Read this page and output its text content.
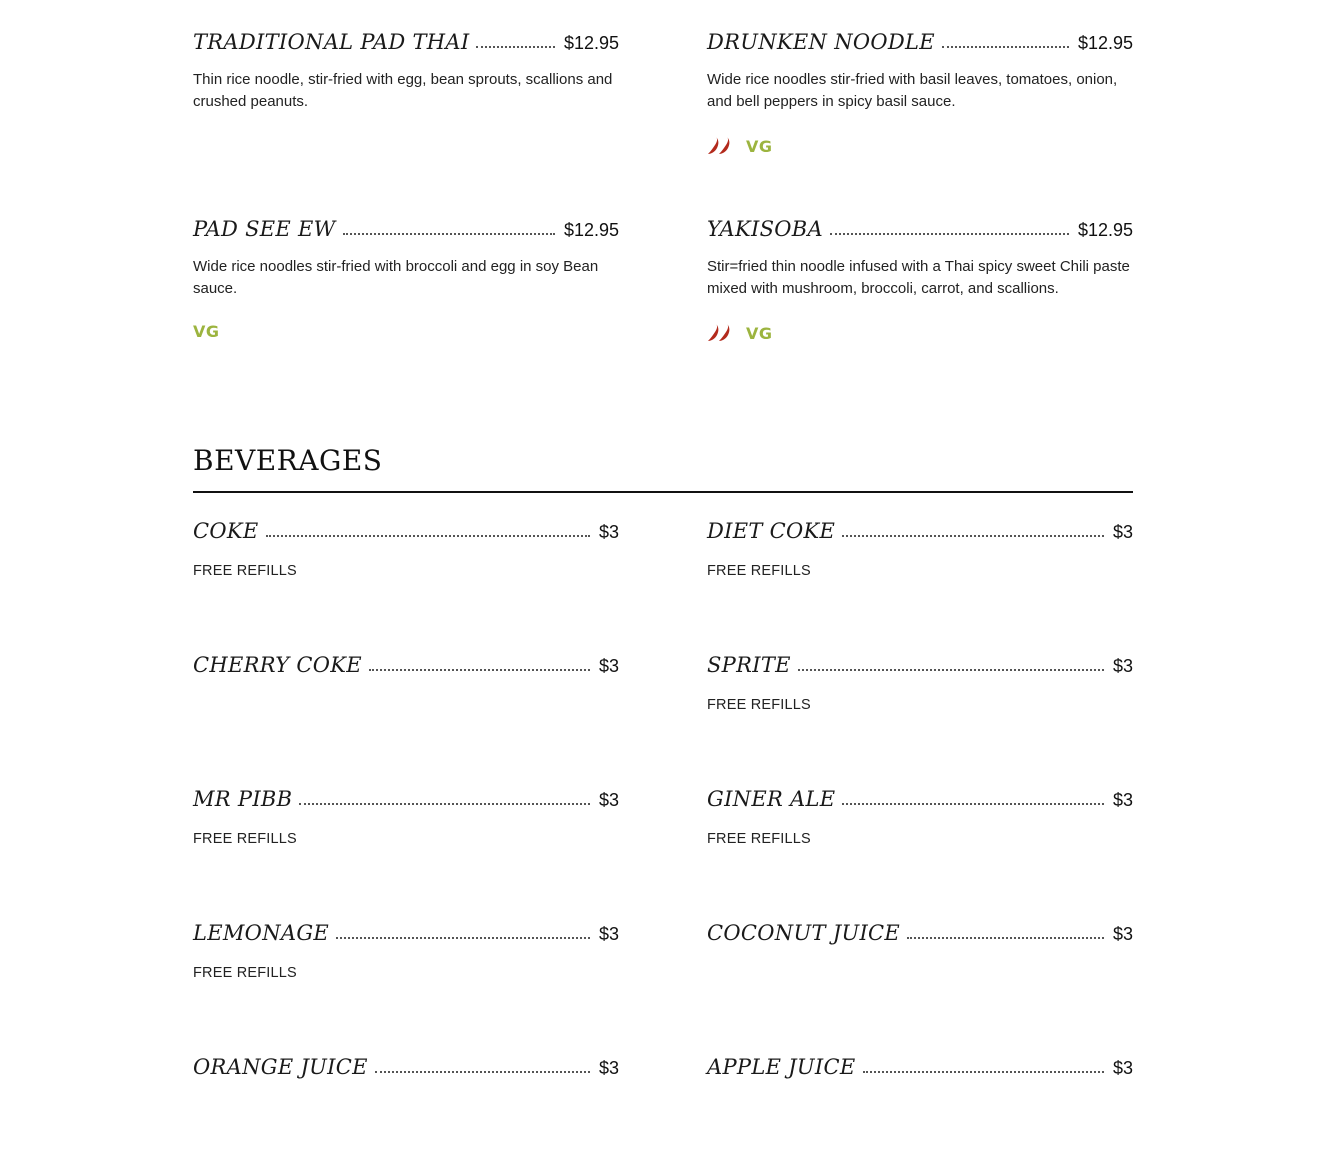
TRADITIONAL PAD THAI	$12.95
Thin rice noodle, stir-fried with egg, bean sprouts, scallions and crushed peanuts.
DRUNKEN NOODLE	$12.95
Wide rice noodles stir-fried with basil leaves, tomatoes, onion, and bell peppers in spicy basil sauce.
VG
PAD SEE EW	$12.95
Wide rice noodles stir-fried with broccoli and egg in soy Bean sauce.
VG
YAKISOBA	$12.95
Stir=fried thin noodle infused with a Thai spicy sweet Chili paste mixed with mushroom, broccoli, carrot, and scallions.
VG
BEVERAGES
COKE	$3
FREE REFILLS
DIET COKE	$3
FREE REFILLS
CHERRY COKE	$3	SPRITE	$3
FREE REFILLS
MR PIBB	$3
FREE REFILLS
GINER ALE	$3
FREE REFILLS
LEMONAGE	$3
FREE REFILLS
COCONUT JUICE	$3
ORANGE JUICE	$3	APPLE JUICE	$3
